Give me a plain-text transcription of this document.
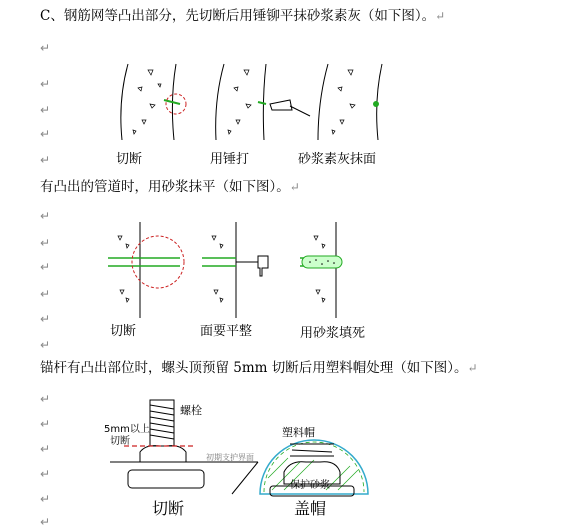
C、钢筋网等凸出部分，先切断后用锤铆平抹砂浆素灰（如下图）。↵
有凸出的管道时，用砂浆抹平（如下图）。↵
锚杆有凸出部位时，螺头顶预留 5mm 切断后用塑料帽处理（如下图）。↵
↵
↵
↵
↵
↵
↵
↵
↵
↵
↵
↵
↵
↵
↵
↵
↵
↵
切断	用锤打	砂浆素灰抹面
切断	面要平整	用砂浆填死
螺栓
5mm以上
切断
初期支护界面
塑料帽
保护砂浆
切断	盖帽
